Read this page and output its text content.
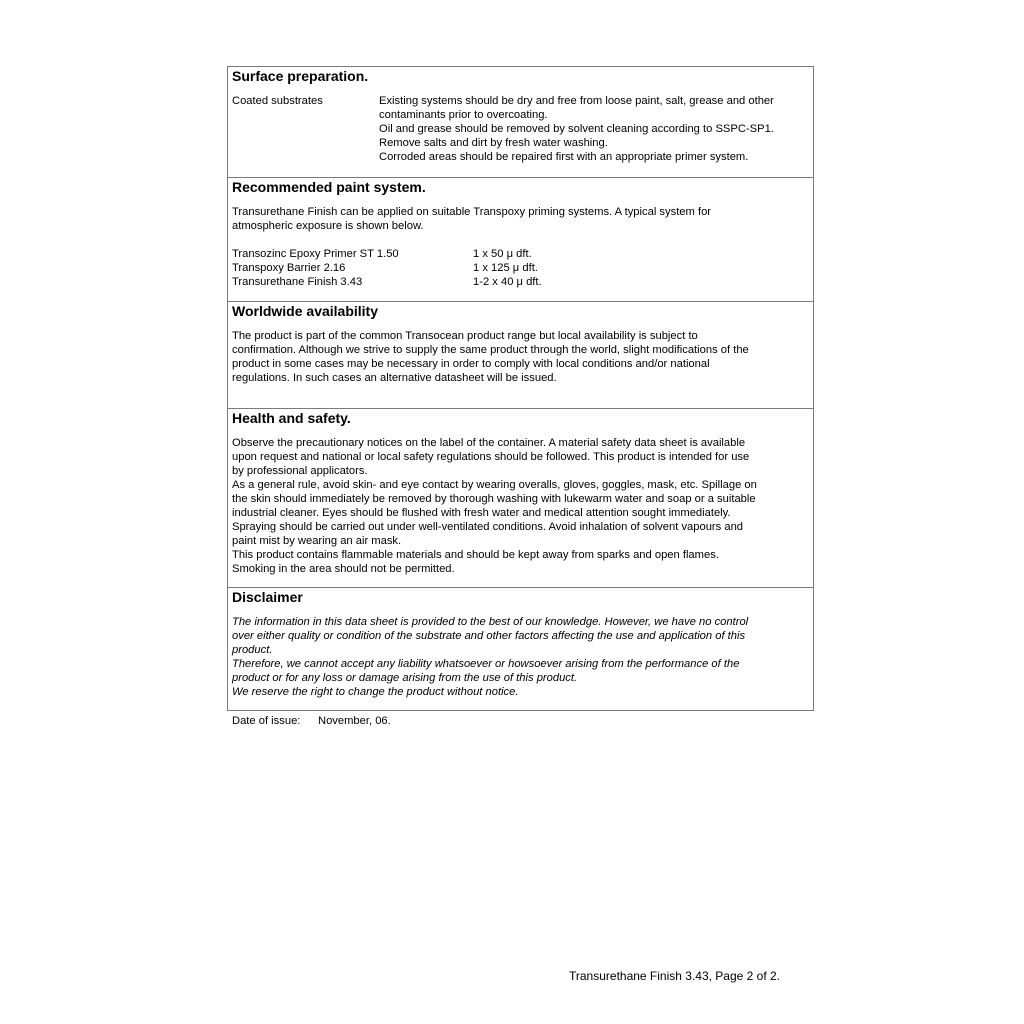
Surface preparation.
Coated substrates	Existing systems should be dry and free from loose paint, salt, grease and other
contaminants prior to overcoating.
Oil and grease should be removed by solvent cleaning according to SSPC-SP1.
Remove salts and dirt by fresh water washing.
Corroded areas should be repaired first with an appropriate primer system.
Recommended paint system.
Transurethane Finish can be applied on suitable Transpoxy priming systems. A typical system for
atmospheric exposure is shown below.
Transozinc Epoxy Primer ST 1.50	1 x 50 μ dft.
Transpoxy Barrier 2.16	1 x 125 μ dft.
Transurethane Finish 3.43	1-2 x 40 μ dft.
Worldwide availability
The product is part of the common Transocean product range but local availability is subject to
confirmation. Although we strive to supply the same product through the world, slight modifications of the
product in some cases may be necessary in order to comply with local conditions and/or national
regulations. In such cases an alternative datasheet will be issued.
Health and safety.
Observe the precautionary notices on the label of the container. A material safety data sheet is available
upon request and national or local safety regulations should be followed. This product is intended for use
by professional applicators.
As a general rule, avoid skin- and eye contact by wearing overalls, gloves, goggles, mask, etc. Spillage on
the skin should immediately be removed by thorough washing with lukewarm water and soap or a suitable
industrial cleaner. Eyes should be flushed with fresh water and medical attention sought immediately.
Spraying should be carried out under well-ventilated conditions. Avoid inhalation of solvent vapours and
paint mist by wearing an air mask.
This product contains flammable materials and should be kept away from sparks and open flames.
Smoking in the area should not be permitted.
Disclaimer
The information in this data sheet is provided to the best of our knowledge. However, we have no control
over either quality or condition of the substrate and other factors affecting the use and application of this
product.
Therefore, we cannot accept any liability whatsoever or howsoever arising from the performance of the
product or for any loss or damage arising from the use of this product.
We reserve the right to change the product without notice.
Date of issue:	November, 06.
Transurethane Finish 3.43, Page 2 of 2.
